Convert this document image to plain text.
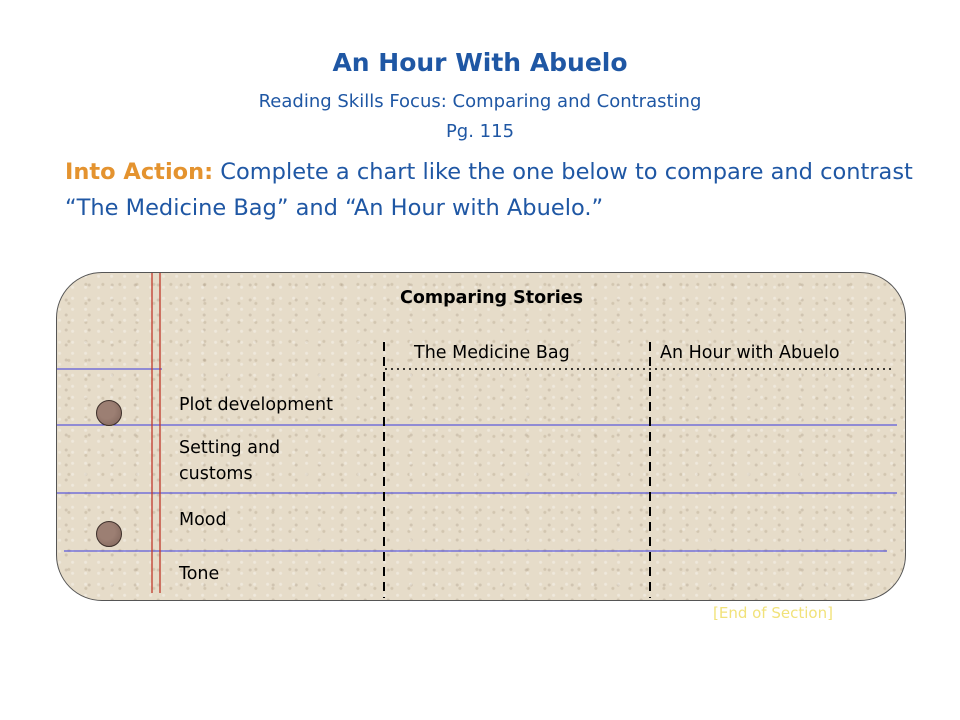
An Hour With Abuelo
Reading Skills Focus: Comparing and Contrasting
Pg. 115
Into Action: Complete a chart like the one below to compare and contrast “The Medicine Bag” and “An Hour with Abuelo.”
Comparing Stories
The Medicine Bag	An Hour with Abuelo
Plot development
Setting and customs
Mood
Tone
[End of Section]
